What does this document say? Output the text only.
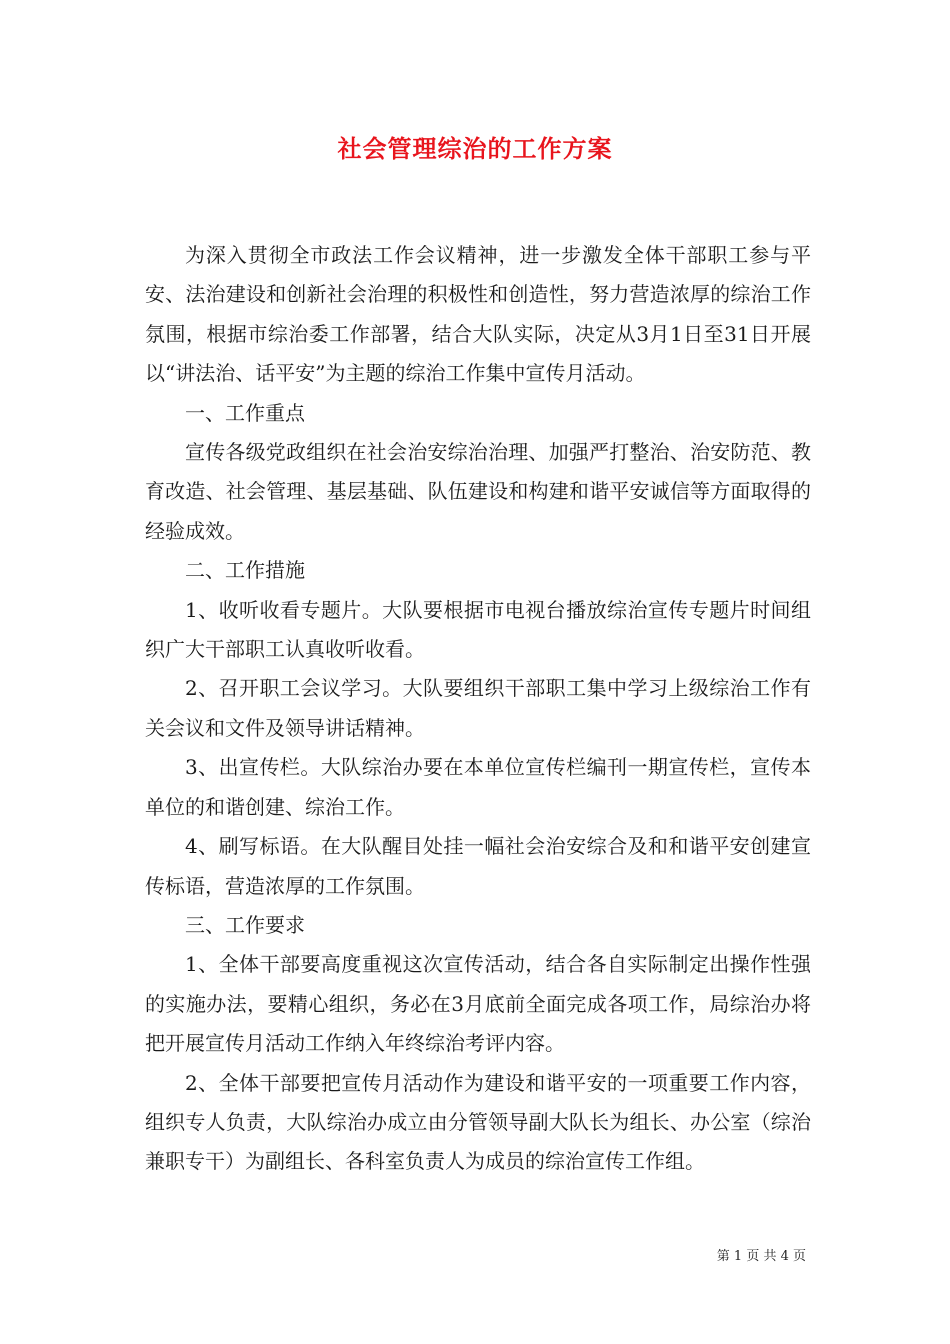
社会管理综治的工作方案

为深入贯彻全市政法工作会议精神，进一步激发全体干部职工参与平安、法治建设和创新社会治理的积极性和创造性，努力营造浓厚的综治工作氛围，根据市综治委工作部署，结合大队实际，决定从3月1日至31日开展以“讲法治、话平安”为主题的综治工作集中宣传月活动。

一、工作重点

宣传各级党政组织在社会治安综治治理、加强严打整治、治安防范、教育改造、社会管理、基层基础、队伍建设和构建和谐平安诚信等方面取得的经验成效。

二、工作措施

1、收听收看专题片。大队要根据市电视台播放综治宣传专题片时间组织广大干部职工认真收听收看。

2、召开职工会议学习。大队要组织干部职工集中学习上级综治工作有关会议和文件及领导讲话精神。

3、出宣传栏。大队综治办要在本单位宣传栏编刊一期宣传栏，宣传本单位的和谐创建、综治工作。

4、刷写标语。在大队醒目处挂一幅社会治安综合及和和谐平安创建宣传标语，营造浓厚的工作氛围。

三、工作要求

1、全体干部要高度重视这次宣传活动，结合各自实际制定出操作性强的实施办法，要精心组织，务必在3月底前全面完成各项工作，局综治办将把开展宣传月活动工作纳入年终综治考评内容。

2、全体干部要把宣传月活动作为建设和谐平安的一项重要工作内容，组织专人负责，大队综治办成立由分管领导副大队长为组长、办公室（综治兼职专干）为副组长、各科室负责人为成员的综治宣传工作组。

第 1 页 共 4 页
